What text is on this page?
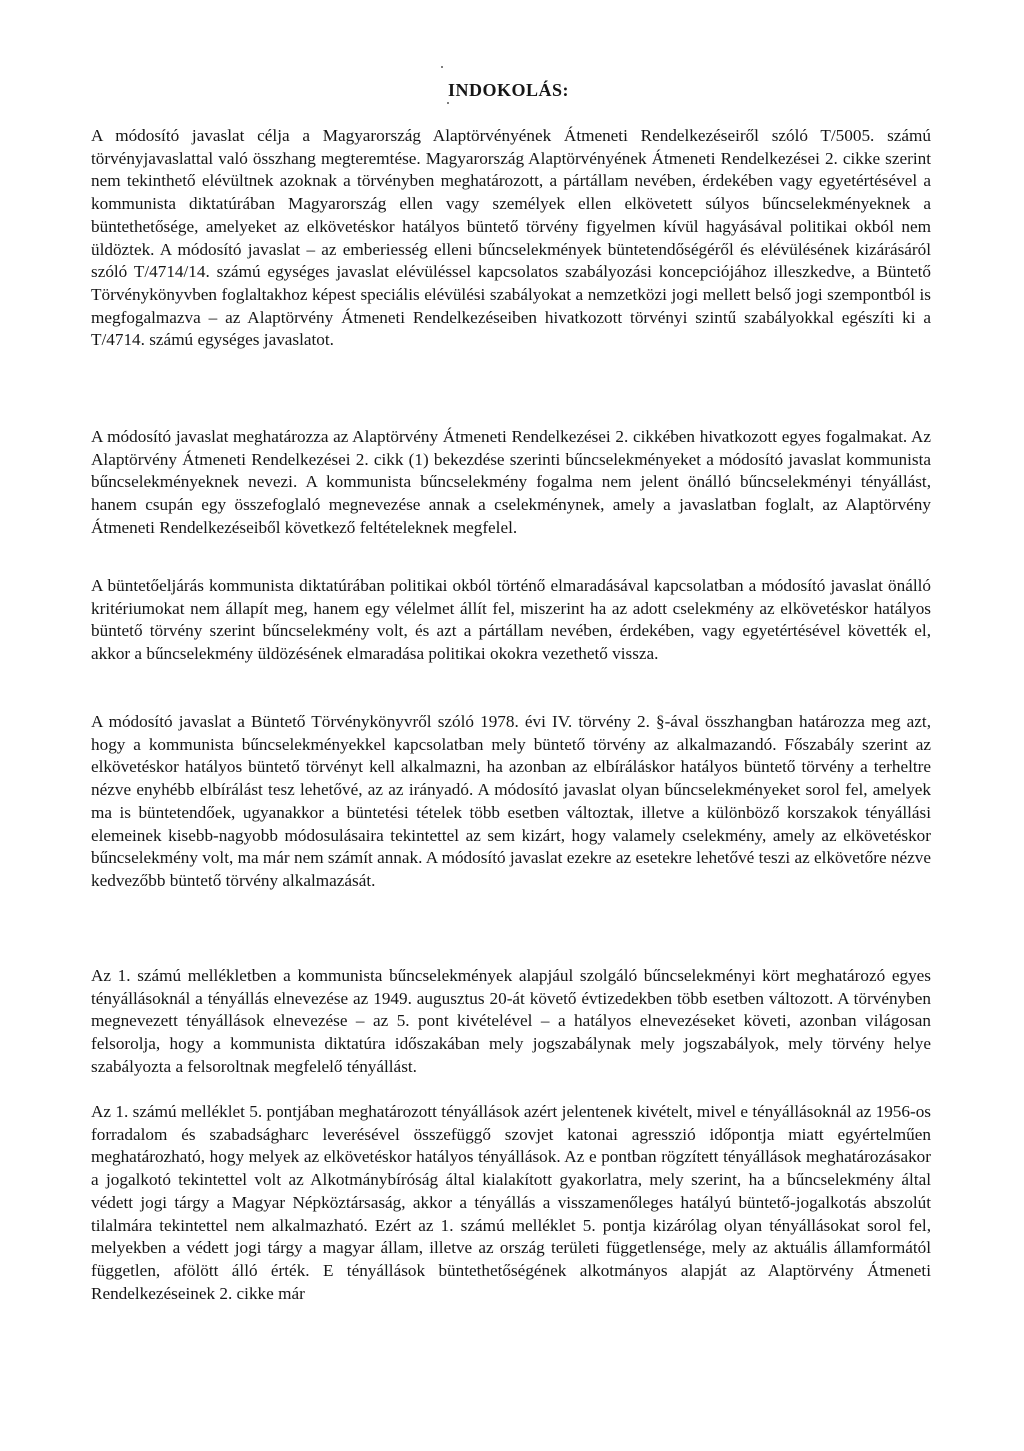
INDOKOLÁS:

A módosító javaslat célja a Magyarország Alaptörvényének Átmeneti Rendelkezéseiről szóló T/5005. számú törvényjavaslattal való összhang megteremtése. Magyarország Alaptörvényének Átmeneti Rendelkezései 2. cikke szerint nem tekinthető elévültnek azoknak a törvényben meghatározott, a pártállam nevében, érdekében vagy egyetértésével a kommunista diktatúrában Magyarország ellen vagy személyek ellen elkövetett súlyos bűncselekményeknek a büntethetősége, amelyeket az elkövetéskor hatályos büntető törvény figyelmen kívül hagyásával politikai okból nem üldöztek. A módosító javaslat – az emberiesség elleni bűncselekmények büntetendőségéről és elévülésének kizárásáról szóló T/4714/14. számú egységes javaslat elévüléssel kapcsolatos szabályozási koncepciójához illeszkedve, a Büntető Törvénykönyvben foglaltakhoz képest speciális elévülési szabályokat a nemzetközi jogi mellett belső jogi szempontból is megfogalmazva – az Alaptörvény Átmeneti Rendelkezéseiben hivatkozott törvényi szintű szabályokkal egészíti ki a T/4714. számú egységes javaslatot.

A módosító javaslat meghatározza az Alaptörvény Átmeneti Rendelkezései 2. cikkében hivatkozott egyes fogalmakat. Az Alaptörvény Átmeneti Rendelkezései 2. cikk (1) bekezdése szerinti bűncselekményeket a módosító javaslat kommunista bűncselekményeknek nevezi. A kommunista bűncselekmény fogalma nem jelent önálló bűncselekményi tényállást, hanem csupán egy összefoglaló megnevezése annak a cselekménynek, amely a javaslatban foglalt, az Alaptörvény Átmeneti Rendelkezéseiből következő feltételeknek megfelel.

A büntetőeljárás kommunista diktatúrában politikai okból történő elmaradásával kapcsolatban a módosító javaslat önálló kritériumokat nem állapít meg, hanem egy vélelmet állít fel, miszerint ha az adott cselekmény az elkövetéskor hatályos büntető törvény szerint bűncselekmény volt, és azt a pártállam nevében, érdekében, vagy egyetértésével követték el, akkor a bűncselekmény üldözésének elmaradása politikai okokra vezethető vissza.

A módosító javaslat a Büntető Törvénykönyvről szóló 1978. évi IV. törvény 2. §-ával összhangban határozza meg azt, hogy a kommunista bűncselekményekkel kapcsolatban mely büntető törvény az alkalmazandó. Főszabály szerint az elkövetéskor hatályos büntető törvényt kell alkalmazni, ha azonban az elbíráláskor hatályos büntető törvény a terheltre nézve enyhébb elbírálást tesz lehetővé, az az irányadó. A módosító javaslat olyan bűncselekményeket sorol fel, amelyek ma is büntetendőek, ugyanakkor a büntetési tételek több esetben változtak, illetve a különböző korszakok tényállási elemeinek kisebb-nagyobb módosulásaira tekintettel az sem kizárt, hogy valamely cselekmény, amely az elkövetéskor bűncselekmény volt, ma már nem számít annak. A módosító javaslat ezekre az esetekre lehetővé teszi az elkövetőre nézve kedvezőbb büntető törvény alkalmazását.

Az 1. számú mellékletben a kommunista bűncselekmények alapjául szolgáló bűncselekményi kört meghatározó egyes tényállásoknál a tényállás elnevezése az 1949. augusztus 20-át követő évtizedekben több esetben változott. A törvényben megnevezett tényállások elnevezése – az 5. pont kivételével – a hatályos elnevezéseket követi, azonban világosan felsorolja, hogy a kommunista diktatúra időszakában mely jogszabálynak mely jogszabályok, mely törvény helye szabályozta a felsoroltnak megfelelő tényállást.

Az 1. számú melléklet 5. pontjában meghatározott tényállások azért jelentenek kivételt, mivel e tényállásoknál az 1956-os forradalom és szabadságharc leverésével összefüggő szovjet katonai agresszió időpontja miatt egyértelműen meghatározható, hogy melyek az elkövetéskor hatályos tényállások. Az e pontban rögzített tényállások meghatározásakor a jogalkotó tekintettel volt az Alkotmánybíróság által kialakított gyakorlatra, mely szerint, ha a bűncselekmény által védett jogi tárgy a Magyar Népköztársaság, akkor a tényállás a visszamenőleges hatályú büntető-jogalkotás abszolút tilalmára tekintettel nem alkalmazható. Ezért az 1. számú melléklet 5. pontja kizárólag olyan tényállásokat sorol fel, melyekben a védett jogi tárgy a magyar állam, illetve az ország területi függetlensége, mely az aktuális államformától független, afölött álló érték. E tényállások büntethetőségének alkotmányos alapját az Alaptörvény Átmeneti Rendelkezéseinek 2. cikke már
